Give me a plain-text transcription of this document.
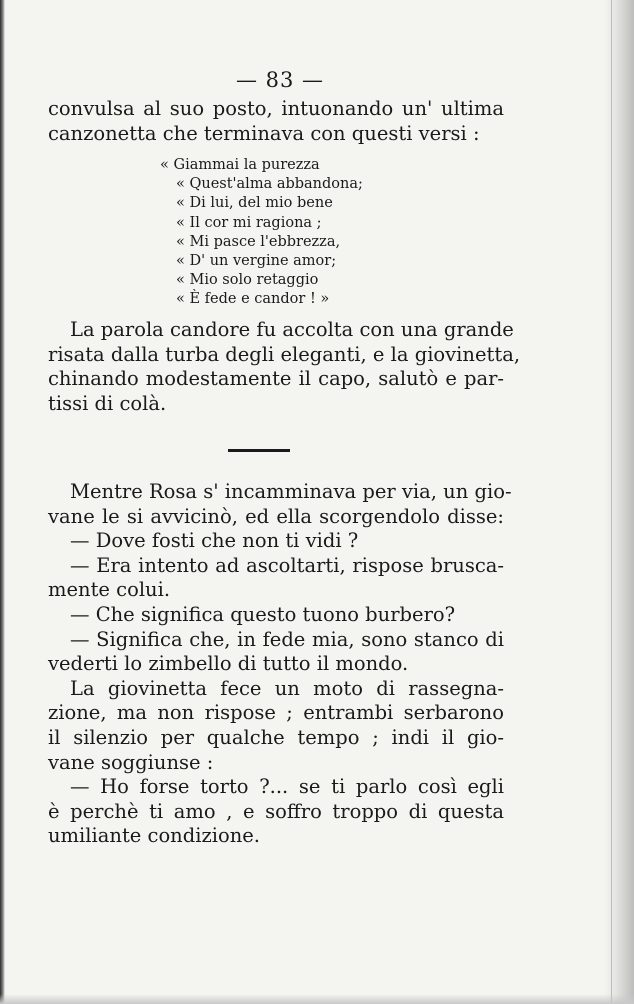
— 83 —
convulsa al suo posto, intuonando un' ultima
canzonetta che terminava con questi versi :
« Giammai la purezza
« Quest'alma abbandona;
« Di lui, del mio bene
« Il cor mi ragiona ;
« Mi pasce l'ebbrezza,
« D' un vergine amor;
« Mio solo retaggio
« È fede e candor ! »
La parola candore fu accolta con una grande
risata dalla turba degli eleganti, e la giovinetta,
chinando modestamente il capo, salutò e par-
tissi di colà.
Mentre Rosa s' incamminava per via, un gio-
vane le si avvicinò, ed ella scorgendolo disse:
— Dove fosti che non ti vidi ?
— Era intento ad ascoltarti, rispose brusca-
mente colui.
— Che significa questo tuono burbero?
— Significa che, in fede mia, sono stanco di
vederti lo zimbello di tutto il mondo.
La giovinetta fece un moto di rassegna-
zione, ma non rispose ; entrambi serbarono
il silenzio per qualche tempo ; indi il gio-
vane soggiunse :
— Ho forse torto ?... se ti parlo così egli
è perchè ti amo , e soffro troppo di questa
umiliante condizione.
